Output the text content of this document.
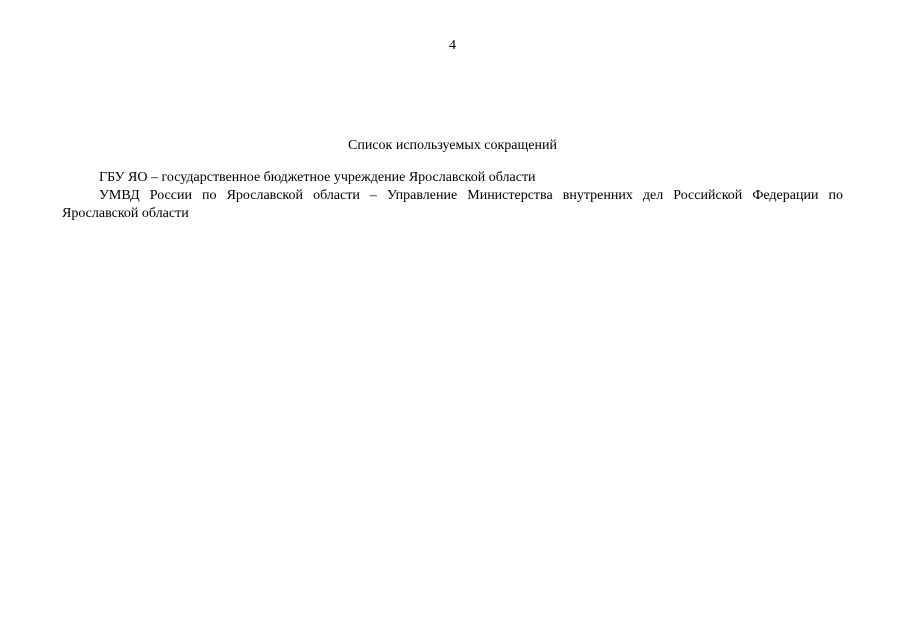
4
Список используемых сокращений

ГБУ ЯО – государственное бюджетное учреждение Ярославской области

УМВД России по Ярославской области – Управление Министерства внутренних дел Российской Федерации по Ярославской области
